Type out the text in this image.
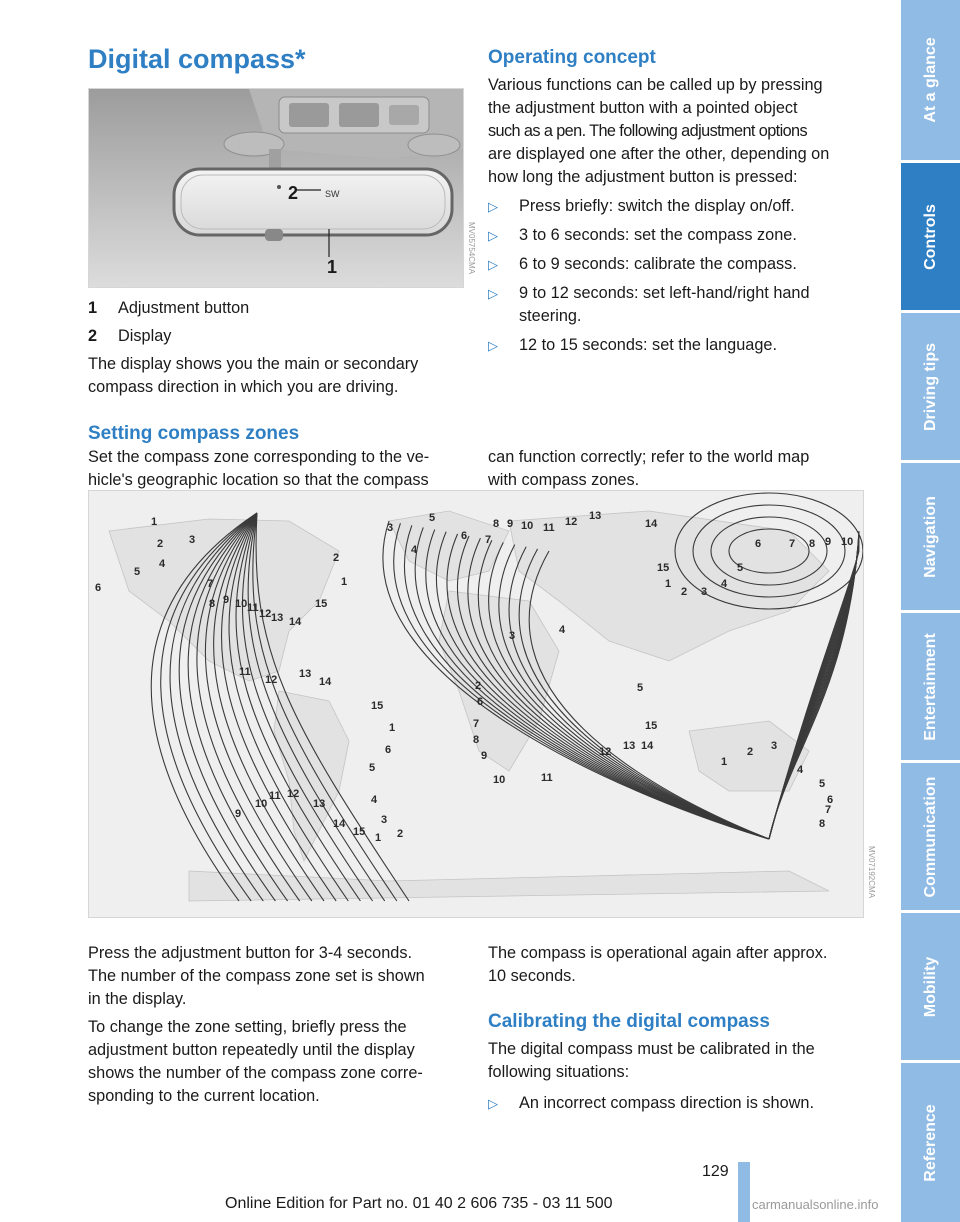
Digital compass*
2	SW
1	MV05754CMA
1 Adjustment button
2 Display
The display shows you the main or secondary
compass direction in which you are driving.
Operating concept
Various functions can be called up by pressing
the adjustment button with a pointed object
such as a pen. The following adjustment options
are displayed one after the other, depending on
how long the adjustment button is pressed:
▷ Press briefly: switch the display on/off.
▷ 3 to 6 seconds: set the compass zone.
▷ 6 to 9 seconds: calibrate the compass.
▷ 9 to 12 seconds: set left-hand/right hand
steering.
▷ 12 to 15 seconds: set the language.
Setting compass zones
Set the compass zone corresponding to the ve-
hicle's geographic location so that the compass
can function correctly; refer to the world map
with compass zones.
1
2 3
4
5
6	7
8 9 10 11 12 13 14
15
1
2
3
4
5
6 7
8 9 10 11 12 13
14
15
1
2 3
4
5
6	7 8 9 10
11
12 13
14
15
1
2
3	4
5
6
7
8
9
10	11
12 13 14
15
1
2 3
4
5
6
7
8
9
10
11 12
13
14
15 1 2
3
4
5
6
MV07192CMA
Press the adjustment button for 3-4 seconds.
The number of the compass zone set is shown
in the display.
To change the zone setting, briefly press the
adjustment button repeatedly until the display
shows the number of the compass zone corre-
sponding to the current location.
The compass is operational again after approx.
10 seconds.
Calibrating the digital compass
The digital compass must be calibrated in the
following situations:
▷ An incorrect compass direction is shown.
At a glance
Controls
Driving tips
Navigation
Entertainment
Communication
Mobility
Reference
129
Online Edition for Part no. 01 40 2 606 735 - 03 11 500	carmanualsonline.info
